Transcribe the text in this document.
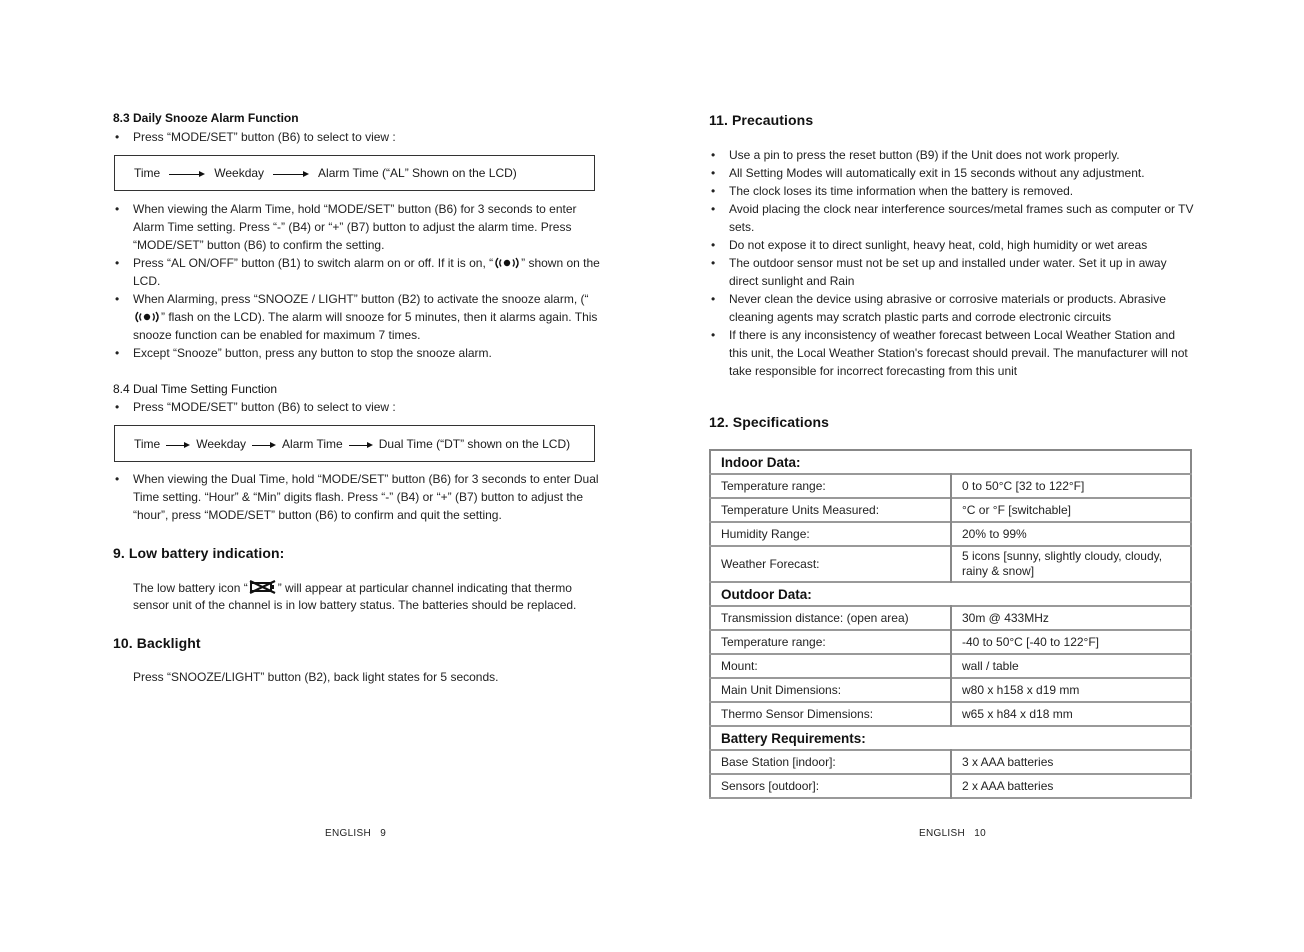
8.3 Daily Snooze Alarm Function
• Press “MODE/SET” button (B6) to select to view :
Time	Weekday	Alarm Time (“AL” Shown on the LCD)
• When viewing the Alarm Time, hold “MODE/SET” button (B6) for 3 seconds to enter Alarm Time setting. Press “-” (B4) or “+” (B7) button to adjust the alarm time. Press “MODE/SET” button (B6) to confirm the setting.
• Press “AL ON/OFF” button (B1) to switch alarm on or off. If it is on, “ ” shown on the LCD.
• When Alarming, press “SNOOZE / LIGHT” button (B2) to activate the snooze alarm, (“” flash on the LCD). The alarm will snooze for 5 minutes, then it alarms again. This snooze function can be enabled for maximum 7 times.
• Except “Snooze” button, press any button to stop the snooze alarm.
8.4 Dual Time Setting Function
• Press “MODE/SET” button (B6) to select to view :
Time	Weekday	Alarm Time	Dual Time (“DT” shown on the LCD)
• When viewing the Dual Time, hold “MODE/SET” button (B6) for 3 seconds to enter Dual Time setting. “Hour” & “Min” digits flash. Press “-” (B4) or “+” (B7) button to adjust the “hour”, press “MODE/SET” button (B6) to confirm and quit the setting.
9. Low battery indication:
The low battery icon “	” will appear at particular channel indicating that thermo sensor unit of the channel is in low battery status. The batteries should be replaced.
10. Backlight
Press “SNOOZE/LIGHT” button (B2), back light states for 5 seconds.
ENGLISH   9
11. Precautions
• Use a pin to press the reset button (B9) if the Unit does not work properly.
• All Setting Modes will automatically exit in 15 seconds without any adjustment.
• The clock loses its time information when the battery is removed.
• Avoid placing the clock near interference sources/metal frames such as computer or TV sets.
• Do not expose it to direct sunlight, heavy heat, cold, high humidity or wet areas
• The outdoor sensor must not be set up and installed under water. Set it up in away direct sunlight and Rain
• Never clean the device using abrasive or corrosive materials or products. Abrasive cleaning agents may scratch plastic parts and corrode electronic circuits
• If there is any inconsistency of weather forecast between Local Weather Station and this unit, the Local Weather Station's forecast should prevail. The manufacturer will not take responsible for incorrect forecasting from this unit
12. Specifications
Indoor Data:	
Temperature range:	0 to 50°C [32 to 122°F]
Temperature Units Measured:	°C or °F [switchable]
Humidity Range:	20% to 99%
Weather Forecast:	5 icons [sunny, slightly cloudy, cloudy, rainy & snow]
Outdoor Data:	
Transmission distance: (open area)	30m @ 433MHz
Temperature range:	-40 to 50°C [-40 to 122°F]
Mount:	wall / table
Main Unit Dimensions:	w80 x h158 x d19 mm
Thermo Sensor Dimensions:	w65 x h84 x d18 mm
Battery Requirements:	
Base Station [indoor]:	3 x AAA batteries
Sensors [outdoor]:	2 x AAA batteries
ENGLISH   10
